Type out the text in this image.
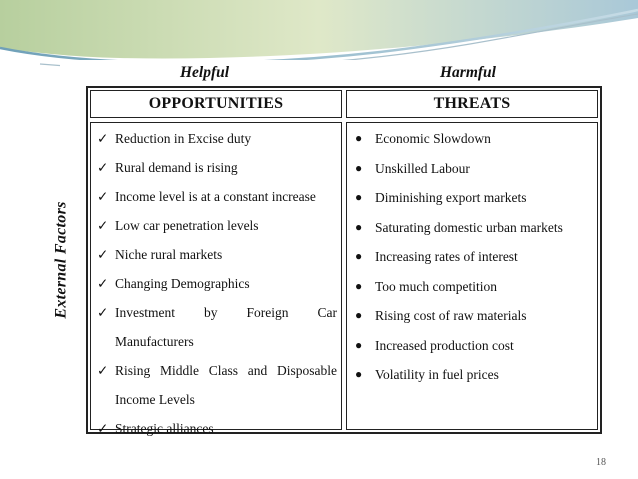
Helpful	Harmful
External Factors
OPPORTUNITIES	THREATS
✓ Reduction in Excise duty
✓ Rural demand is rising
✓ Income level is at a constant increase
✓ Low car penetration levels
✓ Niche rural markets
✓ Changing Demographics
✓ Investment by Foreign Car Manufacturers
✓ Rising Middle Class and Disposable Income Levels
✓ Strategic alliances
● Economic Slowdown
● Unskilled Labour
● Diminishing export markets
● Saturating domestic urban markets
● Increasing rates of interest
● Too much competition
● Rising cost of raw materials
● Increased production cost
● Volatility in fuel prices
18
